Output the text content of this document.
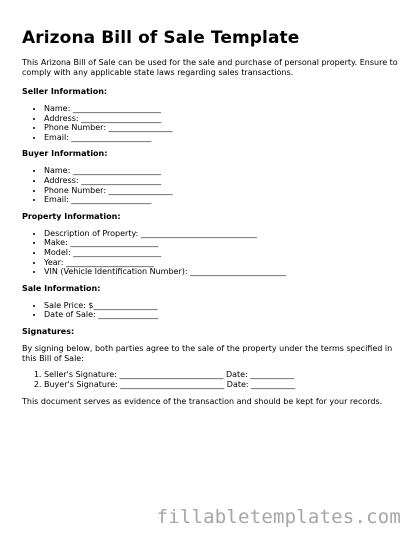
Arizona Bill of Sale Template

This Arizona Bill of Sale can be used for the sale and purchase of personal property. Ensure to comply with any applicable state laws regarding sales transactions.

Seller Information:
• Name: ______________________
• Address: ____________________
• Phone Number: ________________
• Email: ____________________
Buyer Information:
• Name: ______________________
• Address: ____________________
• Phone Number: ________________
• Email: ____________________
Property Information:
• Description of Property: _____________________________
• Make: ______________________
• Model: ______________________
• Year: ______________________
• VIN (Vehicle Identification Number): ________________________
Sale Information:
• Sale Price: $________________
• Date of Sale: _______________
Signatures:

By signing below, both parties agree to the sale of the property under the terms specified in this Bill of Sale:

1. Seller's Signature: __________________________ Date: ___________
2. Buyer's Signature: __________________________ Date: ___________

This document serves as evidence of the transaction and should be kept for your records.

fillabletemplates.com
